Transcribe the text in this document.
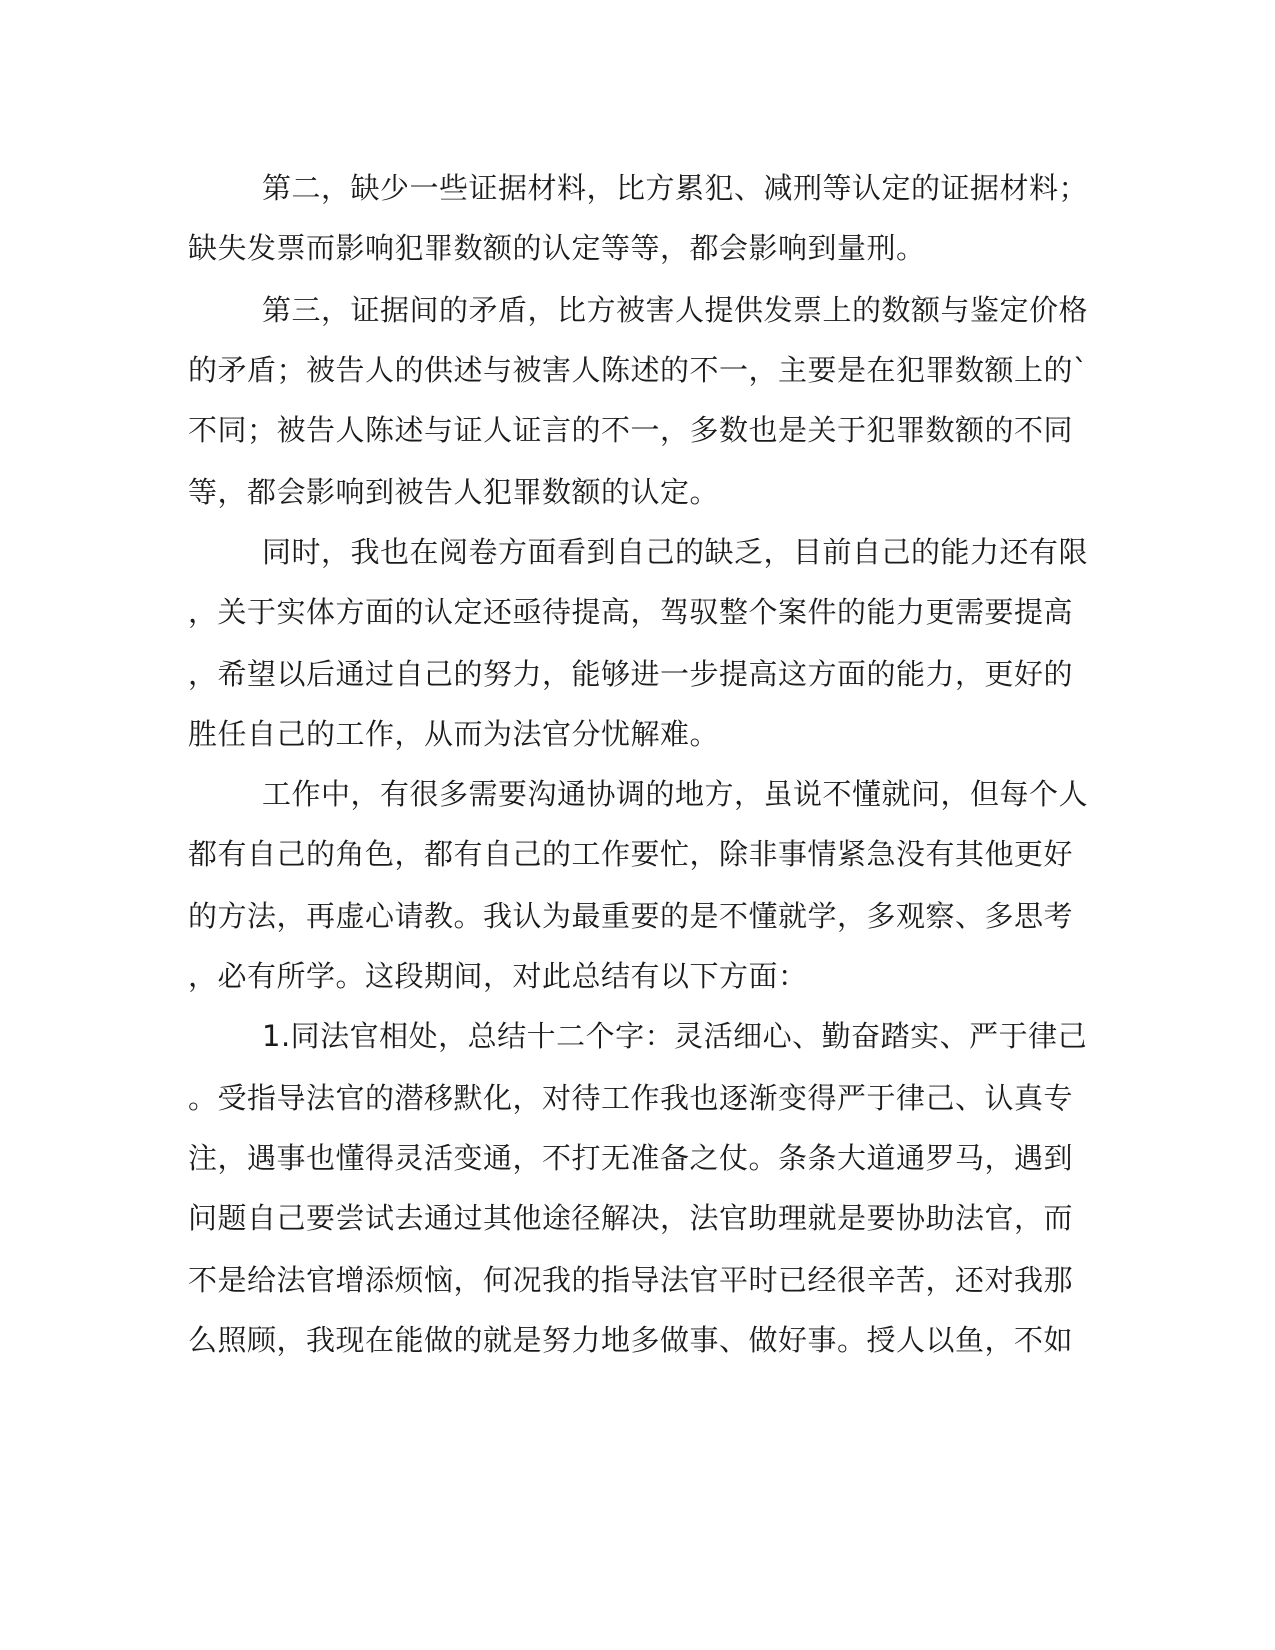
第二，缺少一些证据材料，比方累犯、减刑等认定的证据材料；
缺失发票而影响犯罪数额的认定等等，都会影响到量刑。
第三，证据间的矛盾，比方被害人提供发票上的数额与鉴定价格
的矛盾；被告人的供述与被害人陈述的不一，主要是在犯罪数额上的`
不同；被告人陈述与证人证言的不一，多数也是关于犯罪数额的不同
等，都会影响到被告人犯罪数额的认定。
同时，我也在阅卷方面看到自己的缺乏，目前自己的能力还有限
，关于实体方面的认定还亟待提高，驾驭整个案件的能力更需要提高
，希望以后通过自己的努力，能够进一步提高这方面的能力，更好的
胜任自己的工作，从而为法官分忧解难。
工作中，有很多需要沟通协调的地方，虽说不懂就问，但每个人
都有自己的角色，都有自己的工作要忙，除非事情紧急没有其他更好
的方法，再虚心请教。我认为最重要的是不懂就学，多观察、多思考
，必有所学。这段期间，对此总结有以下方面：
1.同法官相处，总结十二个字：灵活细心、勤奋踏实、严于律己
。受指导法官的潜移默化，对待工作我也逐渐变得严于律己、认真专
注，遇事也懂得灵活变通，不打无准备之仗。条条大道通罗马，遇到
问题自己要尝试去通过其他途径解决，法官助理就是要协助法官，而
不是给法官增添烦恼，何况我的指导法官平时已经很辛苦，还对我那
么照顾，我现在能做的就是努力地多做事、做好事。授人以鱼，不如
